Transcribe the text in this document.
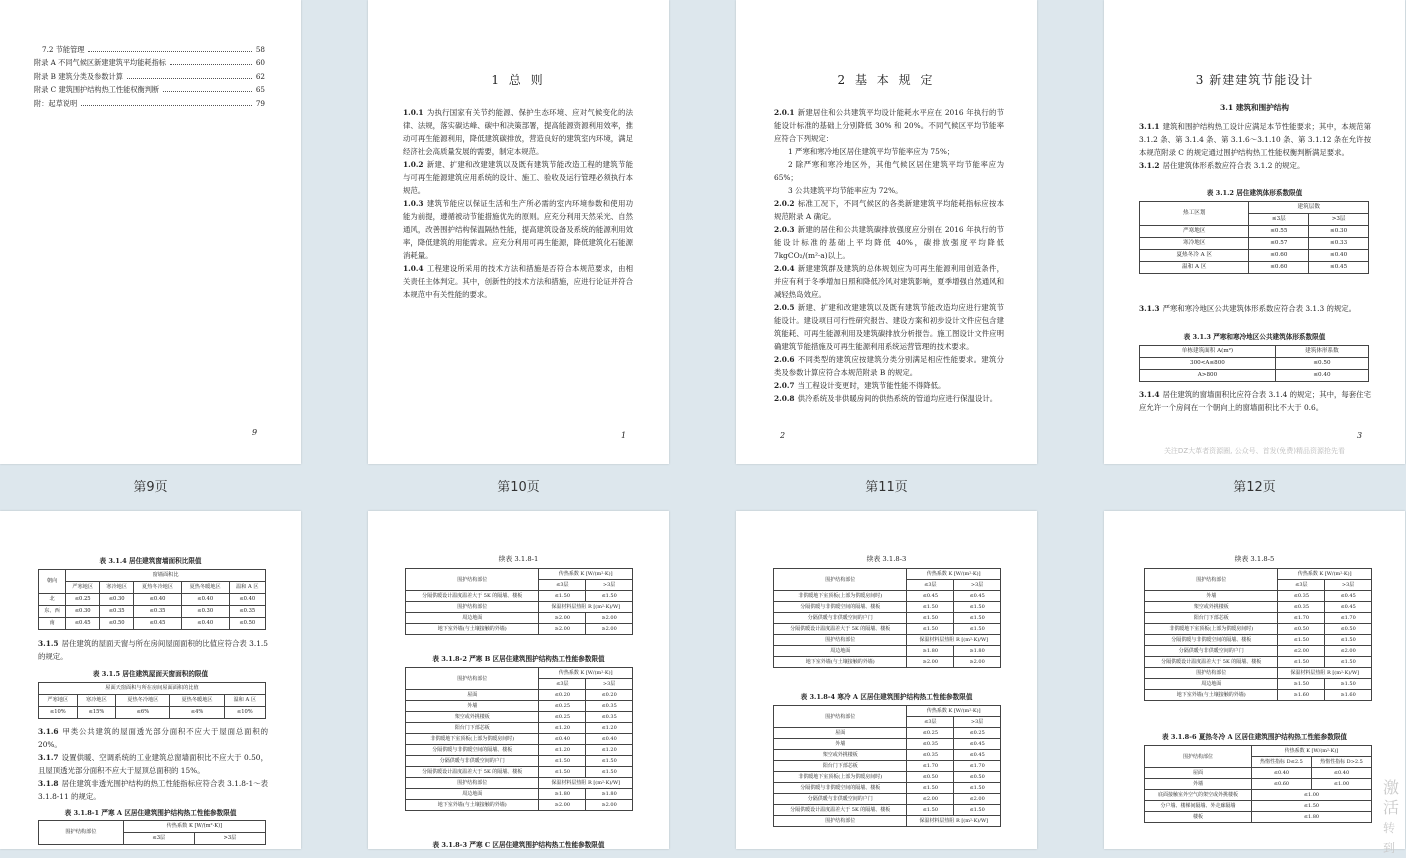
7.2 节能管理	58
附录 A 不同气候区新建建筑平均能耗指标	60
附录 B 建筑分类及参数计算	62
附录 C 建筑围护结构热工性能权衡判断	65
附：起草说明	79
9
第9页
1 总 则

1.0.1 为执行国家有关节约能源、保护生态环境、应对气候变化的法律、法规，落实碳达峰、碳中和决策部署，提高能源资源利用效率，推动可再生能源利用，降低建筑碳排放，营造良好的建筑室内环境，满足经济社会高质量发展的需要，制定本规范。

1.0.2 新建、扩建和改建建筑以及既有建筑节能改造工程的建筑节能与可再生能源建筑应用系统的设计、施工、验收及运行管理必须执行本规范。

1.0.3 建筑节能应以保证生活和生产所必需的室内环境参数和使用功能为前提，遵循被动节能措施优先的原则。应充分利用天然采光、自然通风，改善围护结构保温隔热性能，提高建筑设备及系统的能源利用效率，降低建筑的用能需求。应充分利用可再生能源，降低建筑化石能源消耗量。

1.0.4 工程建设所采用的技术方法和措施是否符合本规范要求，由相关责任主体判定。其中，创新性的技术方法和措施，应进行论证并符合本规范中有关性能的要求。

1
第10页
2 基 本 规 定

2.0.1 新建居住和公共建筑平均设计能耗水平应在 2016 年执行的节能设计标准的基础上分别降低 30% 和 20%。不同气候区平均节能率应符合下列规定：

1 严寒和寒冷地区居住建筑平均节能率应为 75%；

2 除严寒和寒冷地区外，其他气候区居住建筑平均节能率应为 65%；

3 公共建筑平均节能率应为 72%。

2.0.2 标准工况下，不同气候区的各类新建建筑平均能耗指标应按本规范附录 A 确定。

2.0.3 新建的居住和公共建筑碳排放强度应分别在 2016 年执行的节能设计标准的基础上平均降低 40%，碳排放强度平均降低 7kgCO₂/(m²·a)以上。

2.0.4 新建建筑群及建筑的总体规划应为可再生能源利用创造条件，并应有利于冬季增加日照和降低冷风对建筑影响，夏季增强自然通风和减轻热岛效应。

2.0.5 新建、扩建和改建建筑以及既有建筑节能改造均应进行建筑节能设计。建设项目可行性研究报告、建设方案和初步设计文件应包含建筑能耗、可再生能源利用及建筑碳排放分析报告。施工图设计文件应明确建筑节能措施及可再生能源利用系统运营管理的技术要求。

2.0.6 不同类型的建筑应按建筑分类分别满足相应性能要求。建筑分类及参数计算应符合本规范附录 B 的规定。

2.0.7 当工程设计变更时，建筑节能性能不得降低。

2.0.8 供冷系统及非供暖房间的供热系统的管道均应进行保温设计。

2
第11页
3 新建建筑节能设计
3.1 建筑和围护结构

3.1.1 建筑和围护结构热工设计应满足本节性能要求；其中，本规范第 3.1.2 条、第 3.1.4 条、第 3.1.6～3.1.10 条、第 3.1.12 条在允许按本规范附录 C 的规定通过围护结构热工性能权衡判断满足要求。

3.1.2 居住建筑体形系数应符合表 3.1.2 的规定。

表 3.1.2 居住建筑体形系数限值
热工区划	建筑层数	
	≤3层	>3层
严寒地区	≤0.55	≤0.30
寒冷地区	≤0.57	≤0.33
夏热冬冷 A 区	≤0.60	≤0.40
温和 A 区	≤0.60	≤0.45

3.1.3 严寒和寒冷地区公共建筑体形系数应符合表 3.1.3 的规定。

表 3.1.3 严寒和寒冷地区公共建筑体形系数限值
单栋建筑面积 A(m²)	建筑体形系数
300<A≤800	≤0.50
A>800	≤0.40

3.1.4 居住建筑的窗墙面积比应符合表 3.1.4 的规定；其中，每套住宅应允许一个房间在一个朝向上的窗墙面积比不大于 0.6。

3
关注DZ大革者资源圈, 公众号、首发(免费)精品资源抢先看
第12页
表 3.1.4 居住建筑窗墙面积比限值
朝向	窗墙面积比				
	严寒地区	寒冷地区	夏热冬冷地区	夏热冬暖地区	温和 A 区
北	≤0.25	≤0.30	≤0.40	≤0.40	≤0.40
东、西	≤0.30	≤0.35	≤0.35	≤0.30	≤0.35
南	≤0.45	≤0.50	≤0.45	≤0.40	≤0.50

3.1.5 居住建筑的屋面天窗与所在房间屋面面积的比值应符合表 3.1.5 的规定。

表 3.1.5 居住建筑屋面天窗面积的限值
屋面天窗面积与所在房间屋面面积的比值				
严寒地区	寒冷地区	夏热冬冷地区	夏热冬暖地区	温和 A 区
≤10%	≤15%	≤6%	≤4%	≤10%

3.1.6 甲类公共建筑的屋面透光部分面积不应大于屋面总面积的 20%。

3.1.7 设置供暖、空调系统的工业建筑总窗墙面积比不应大于 0.50，且屋顶透光部分面积不应大于屋顶总面积的 15%。

3.1.8 居住建筑非透光围护结构的热工性能指标应符合表 3.1.8-1～表 3.1.8-11 的规定。

表 3.1.8-1 严寒 A 区居住建筑围护结构热工性能参数限值
围护结构部位	传热系数 K [W/(m²·K)]	
	≤3层	>3层
续表 3.1.8-1
围护结构部位	传热系数 K [W/(m²·K)]	
	≤3层	>3层
分隔供暖设计温度温差大于 5K 的隔墙、楼板	≤1.50	≤1.50
围护结构部位	保温材料层热阻 R [(m²·K)/W]	
周边地面	≥2.00	≥2.00
地下室外墙(与土壤接触的外墙)	≥2.00	≥2.00
表 3.1.8-2 严寒 B 区居住建筑围护结构热工性能参数限值
围护结构部位	传热系数 K [W/(m²·K)]	
	≤3层	>3层
屋面	≤0.20	≤0.20
外墙	≤0.25	≤0.35
架空或外挑楼板	≤0.25	≤0.35
阳台门下部芯板	≤1.20	≤1.20
非供暖地下室顶板(上部为供暖房间时)	≤0.40	≤0.40
分隔供暖与非供暖空间的隔墙、楼板	≤1.20	≤1.20
分隔供暖与非供暖空间的户门	≤1.50	≤1.50
分隔供暖设计温度温差大于 5K 的隔墙、楼板	≤1.50	≤1.50
围护结构部位	保温材料层热阻 R [(m²·K)/W]	
周边地面	≥1.80	≥1.80
地下室外墙(与土壤接触的外墙)	≥2.00	≥2.00
表 3.1.8-3 严寒 C 区居住建筑围护结构热工性能参数限值
续表 3.1.8-3
围护结构部位	传热系数 K [W/(m²·K)]	
	≤3层	>3层
非供暖地下室顶板(上部为供暖房间时)	≤0.45	≤0.45
分隔供暖与非供暖空间的隔墙、楼板	≤1.50	≤1.50
分隔供暖与非供暖空间的户门	≤1.50	≤1.50
分隔供暖设计温度温差大于 5K 的隔墙、楼板	≤1.50	≤1.50
围护结构部位	保温材料层热阻 R [(m²·K)/W]	
周边地面	≥1.80	≥1.80
地下室外墙(与土壤接触的外墙)	≥2.00	≥2.00
表 3.1.8-4 寒冷 A 区居住建筑围护结构热工性能参数限值
围护结构部位	传热系数 K [W/(m²·K)]	
	≤3层	>3层
屋面	≤0.25	≤0.25
外墙	≤0.35	≤0.45
架空或外挑楼板	≤0.35	≤0.45
阳台门下部芯板	≤1.70	≤1.70
非供暖地下室顶板(上部为供暖房间时)	≤0.50	≤0.50
分隔供暖与非供暖空间的隔墙、楼板	≤1.50	≤1.50
分隔供暖与非供暖空间的户门	≤2.00	≤2.00
分隔供暖设计温度温差大于 5K 的隔墙、楼板	≤1.50	≤1.50
围护结构部位	保温材料层热阻 R [(m²·K)/W]	
续表 3.1.8-5
围护结构部位	传热系数 K [W/(m²·K)]	
	≤3层	>3层
外墙	≤0.35	≤0.45
架空或外挑楼板	≤0.35	≤0.45
阳台门下部芯板	≤1.70	≤1.70
非供暖地下室顶板(上部为供暖房间时)	≤0.50	≤0.50
分隔供暖与非供暖空间的隔墙、楼板	≤1.50	≤1.50
分隔供暖与非供暖空间的户门	≤2.00	≤2.00
分隔供暖设计温度温差大于 5K 的隔墙、楼板	≤1.50	≤1.50
围护结构部位	保温材料层热阻 R [(m²·K)/W]	
周边地面	≥1.50	≥1.50
地下室外墙(与土壤接触的外墙)	≥1.60	≥1.60
表 3.1.8-6 夏热冬冷 A 区居住建筑围护结构热工性能参数限值
围护结构部位	传热系数 K [W/(m²·K)]	
	热惰性指标 D≤2.5	热惰性指标 D>2.5
屋面	≤0.40	≤0.40
外墙	≤0.60	≤1.00
底面接触室外空气的架空或外挑楼板	≤1.00	
分户墙、楼梯间隔墙、外走廊隔墙	≤1.50	
楼板	≤1.80	
激活
转到
